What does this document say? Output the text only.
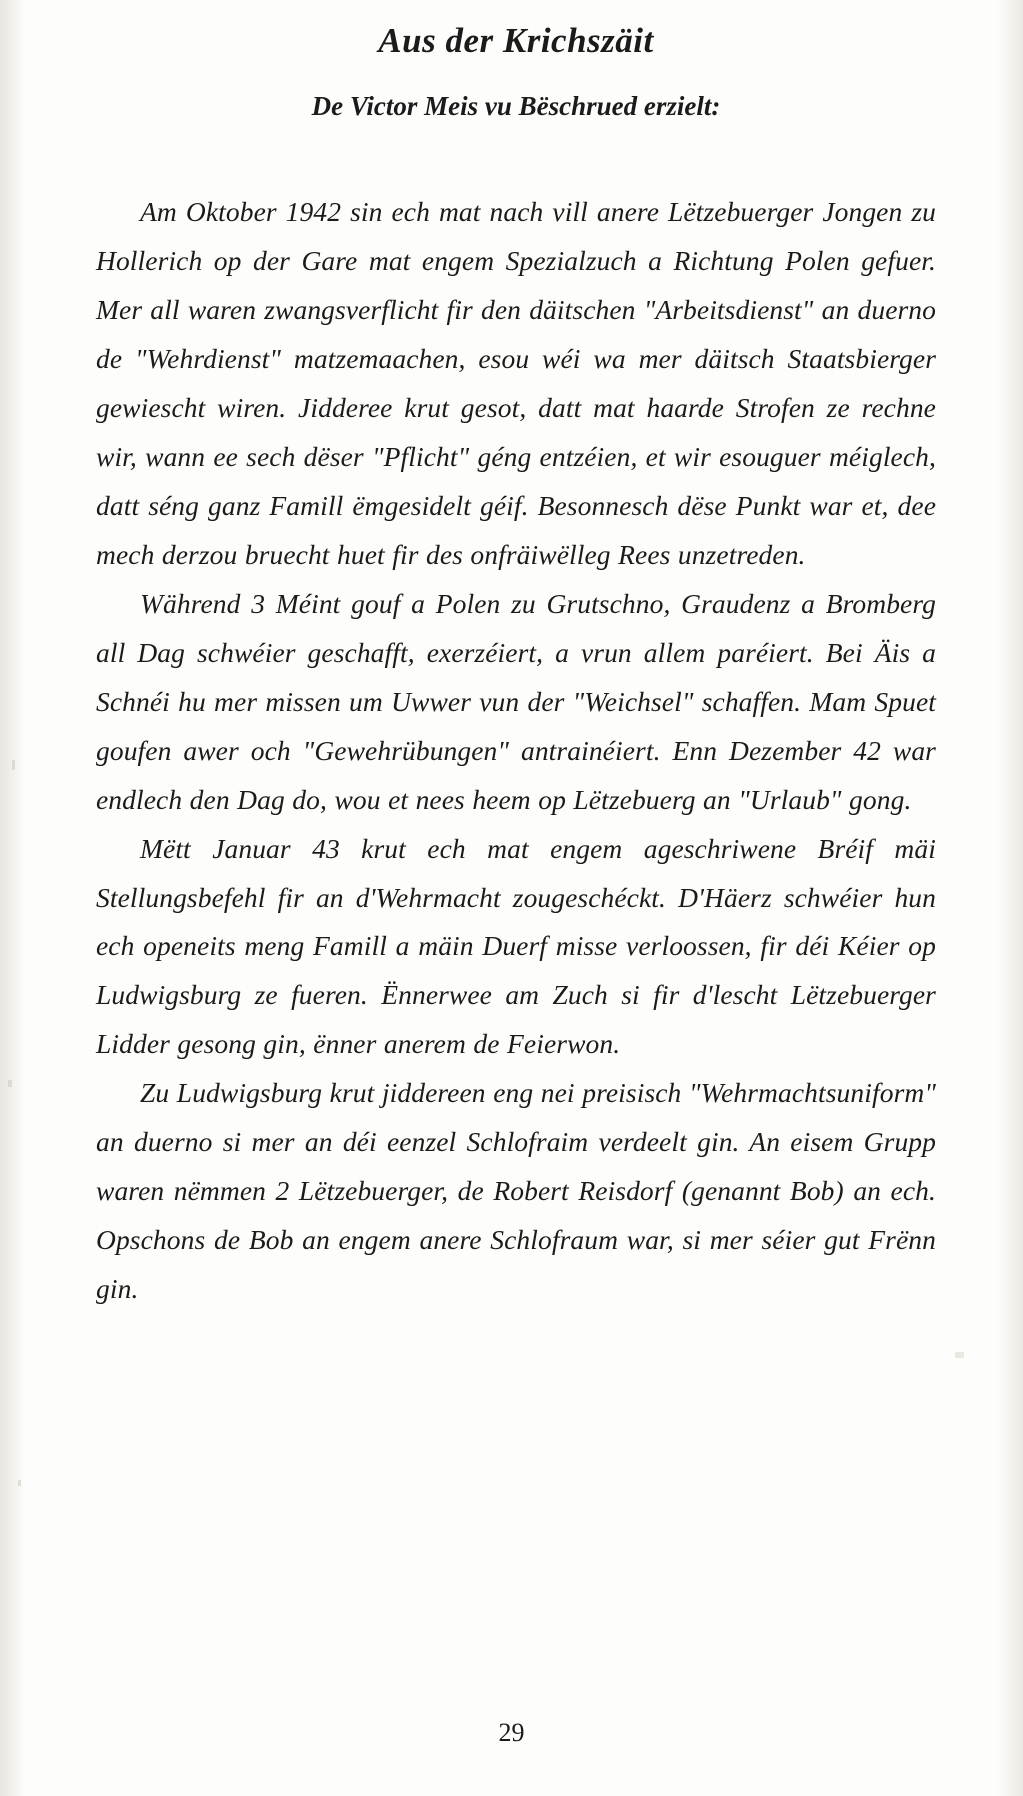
Aus der Krichszäit
De Victor Meis vu Bëschrued erzielt:

Am Oktober 1942 sin ech mat nach vill anere Lëtzebuerger Jongen zu Hollerich op der Gare mat engem Spezialzuch a Richtung Polen gefuer. Mer all waren zwangsverflicht fir den däitschen "Arbeitsdienst" an duerno de "Wehrdienst" matzemaachen, esou wéi wa mer däitsch Staatsbierger gewiescht wiren. Jidderee krut gesot, datt mat haarde Strofen ze rechne wir, wann ee sech dëser "Pflicht" géng entzéien, et wir esouguer méiglech, datt séng ganz Famill ëmgesidelt géif. Besonnesch dëse Punkt war et, dee mech derzou bruecht huet fir des onfräiwëlleg Rees unzetreden.

Während 3 Méint gouf a Polen zu Grutschno, Graudenz a Bromberg all Dag schwéier geschafft, exerzéiert, a vrun allem paréiert. Bei Äis a Schnéi hu mer missen um Uwwer vun der "Weichsel" schaffen. Mam Spuet goufen awer och "Gewehrübungen" antrainéiert. Enn Dezember 42 war endlech den Dag do, wou et nees heem op Lëtzebuerg an "Urlaub" gong.

Mëtt Januar 43 krut ech mat engem ageschriwene Bréif mäi Stellungsbefehl fir an d'Wehrmacht zougeschéckt. D'Häerz schwéier hun ech openeits meng Famill a mäin Duerf misse verloossen, fir déi Kéier op Ludwigsburg ze fueren. Ënnerwee am Zuch si fir d'lescht Lëtzebuerger Lidder gesong gin, ënner anerem de Feierwon.

Zu Ludwigsburg krut jiddereen eng nei preisisch "Wehrmachtsuniform" an duerno si mer an déi eenzel Schlofraim verdeelt gin. An eisem Grupp waren nëmmen 2 Lëtzebuerger, de Robert Reisdorf (genannt Bob) an ech. Opschons de Bob an engem anere Schlofraum war, si mer séier gut Frënn gin.

29
